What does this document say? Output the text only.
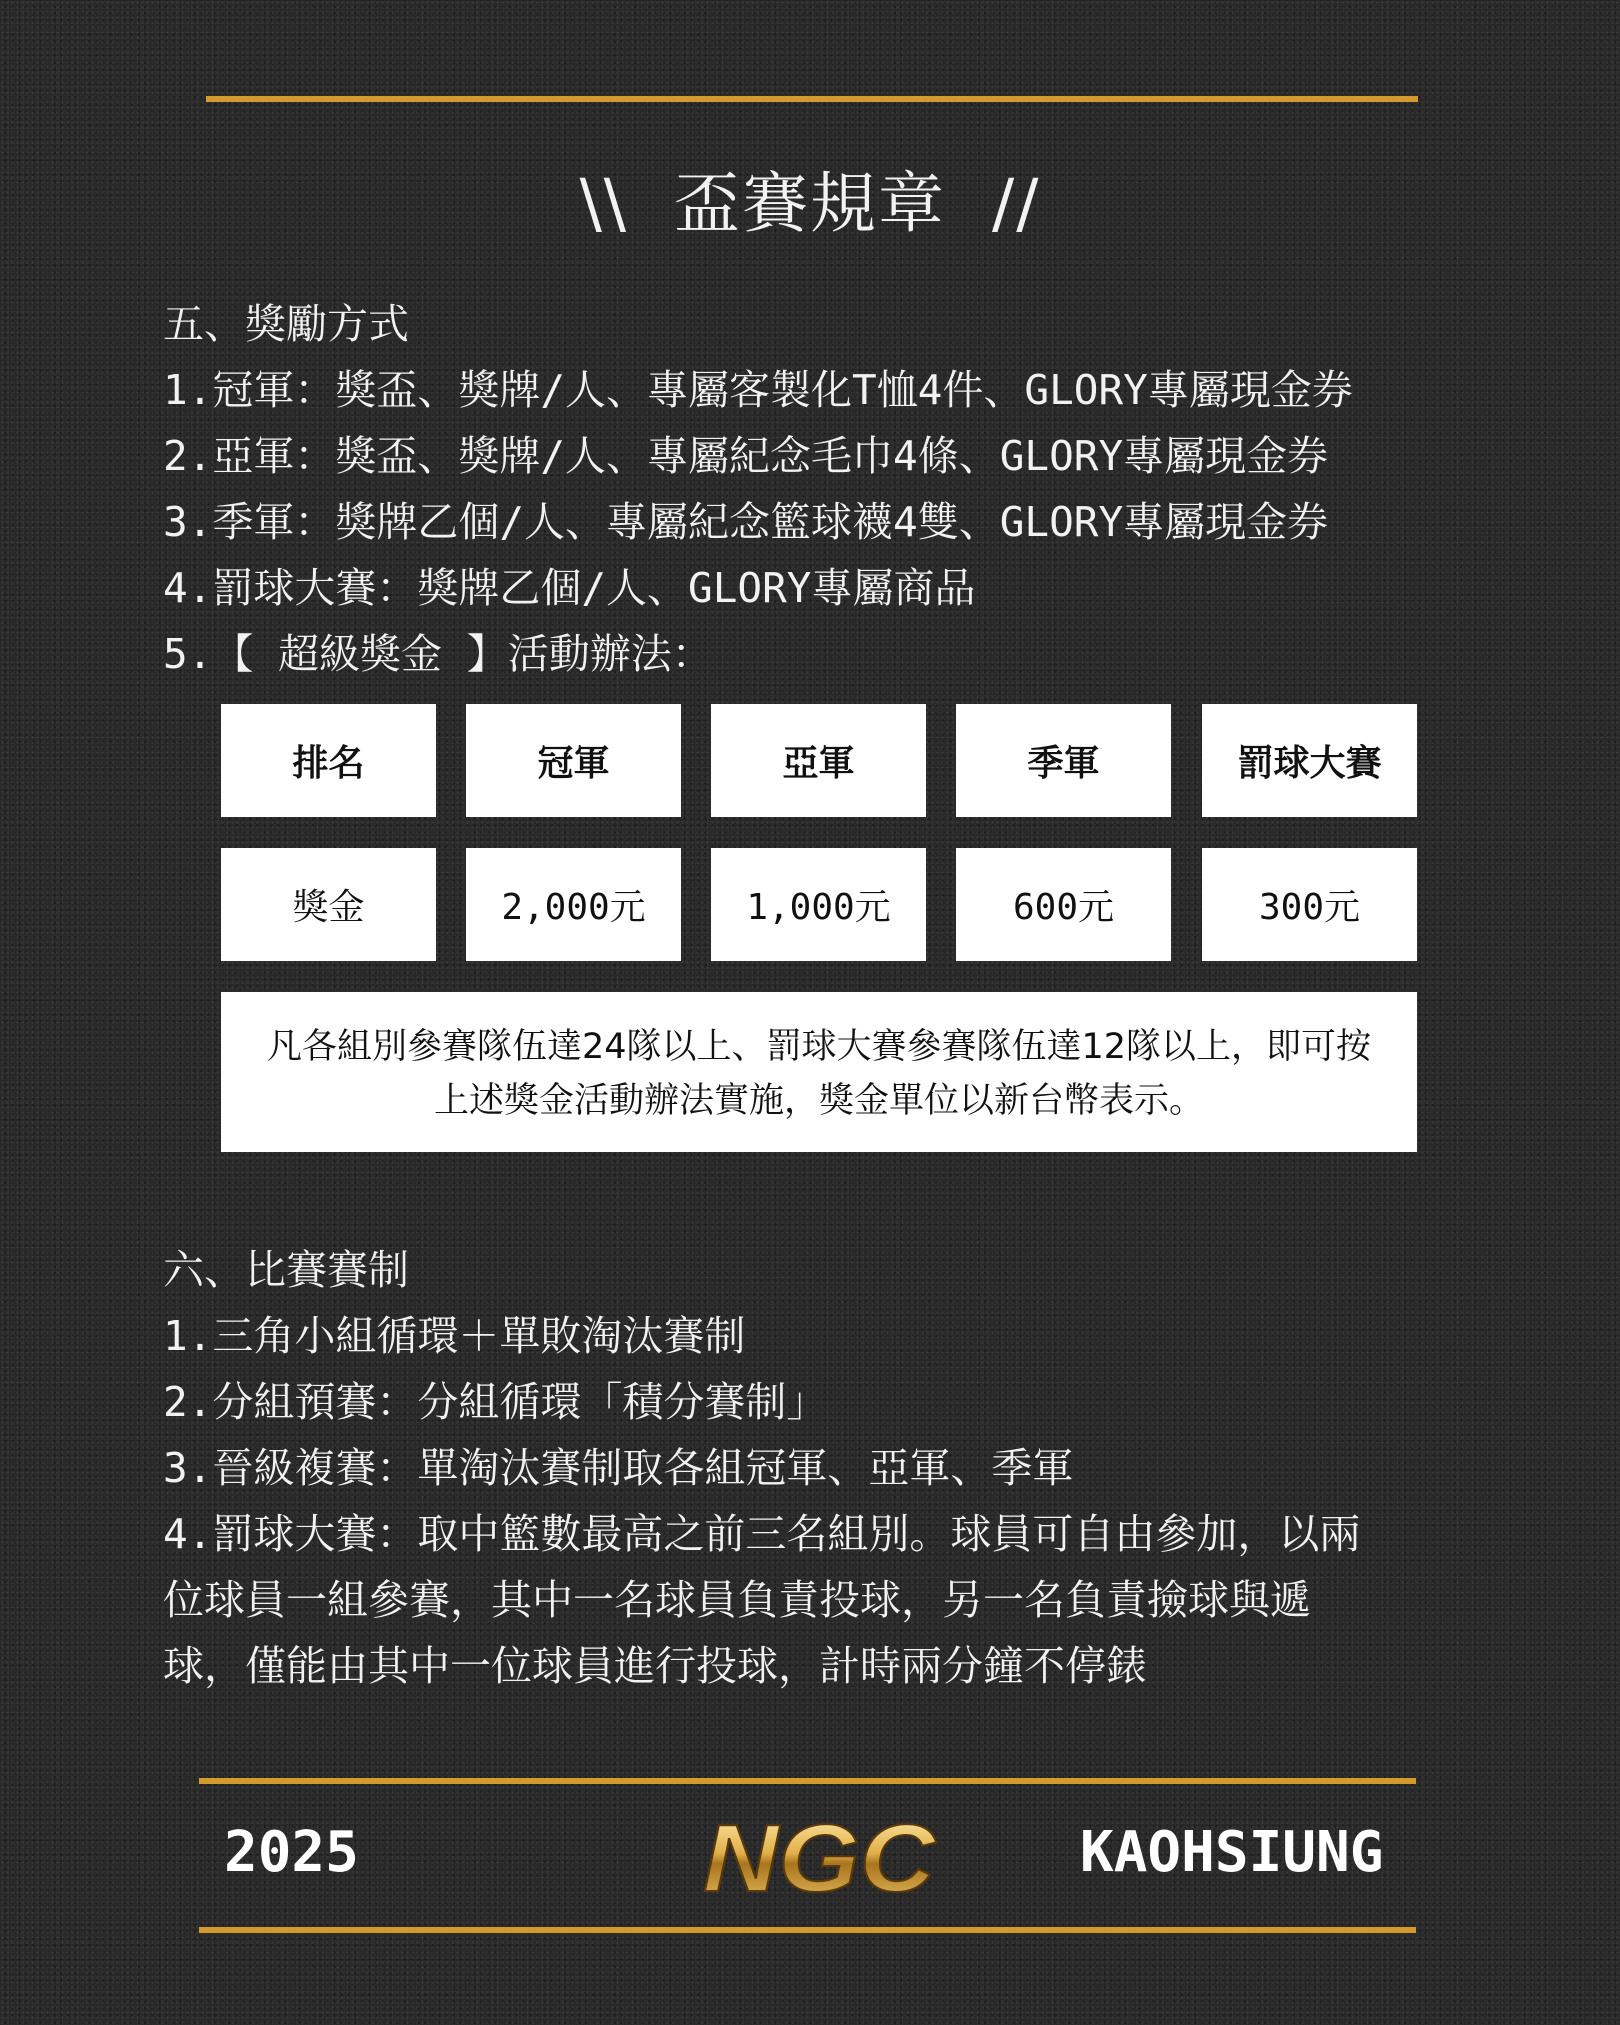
\\  盃賽規章  //
五、獎勵方式
1.冠軍：獎盃、獎牌/人、專屬客製化T恤4件、GLORY專屬現金券
2.亞軍：獎盃、獎牌/人、專屬紀念毛巾4條、GLORY專屬現金券
3.季軍：獎牌乙個/人、專屬紀念籃球襪4雙、GLORY專屬現金券
4.罰球大賽：獎牌乙個/人、GLORY專屬商品
5.【 超級獎金 】活動辦法：
排名	冠軍	亞軍	季軍	罰球大賽
獎金	2,000元	1,000元	600元	300元
凡各組別參賽隊伍達24隊以上、罰球大賽參賽隊伍達12隊以上，即可按上述獎金活動辦法實施，獎金單位以新台幣表示。
六、比賽賽制
1.三角小組循環＋單敗淘汰賽制
2.分組預賽：分組循環「積分賽制」
3.晉級複賽：單淘汰賽制取各組冠軍、亞軍、季軍
4.罰球大賽：取中籃數最高之前三名組別。球員可自由參加，以兩
位球員一組參賽，其中一名球員負責投球，另一名負責撿球與遞
球，僅能由其中一位球員進行投球，計時兩分鐘不停錶
2025	NGC	KAOHSIUNG
